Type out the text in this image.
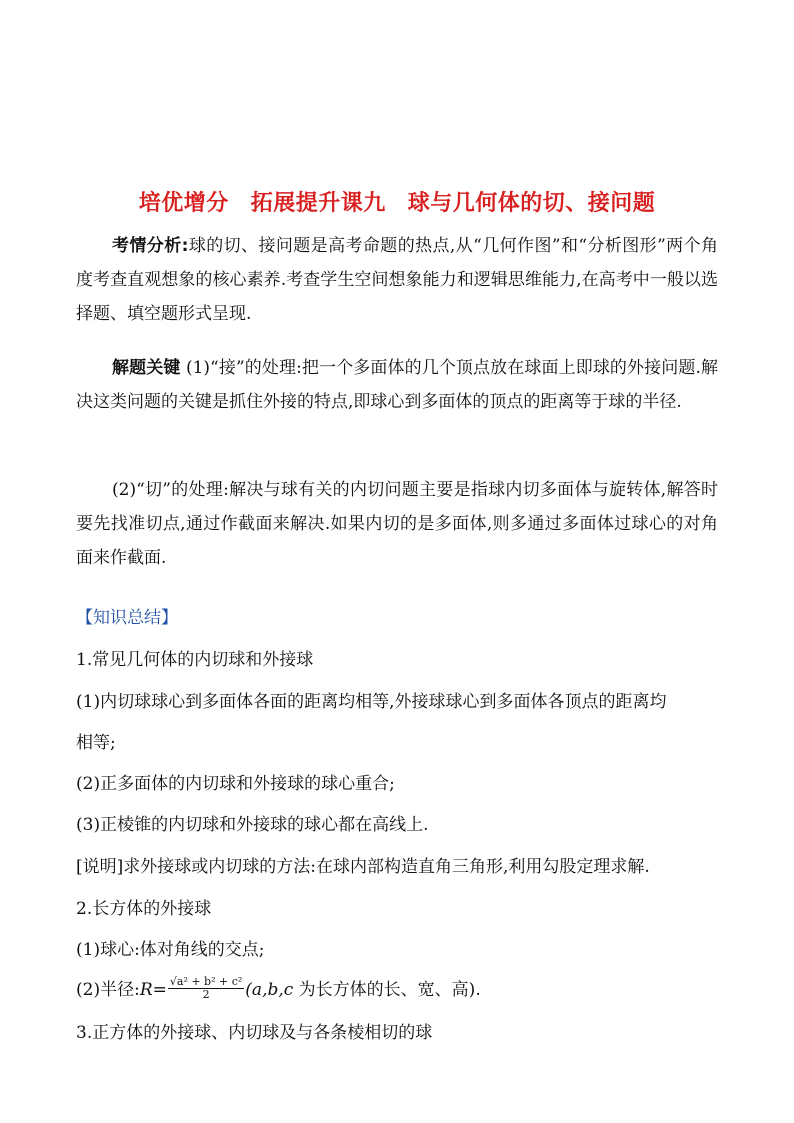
培优增分 拓展提升课九 球与几何体的切、接问题
考情分析:球的切、接问题是高考命题的热点,从“几何作图”和“分析图形”两个角度考查直观想象的核心素养.考查学生空间想象能力和逻辑思维能力,在高考中一般以选择题、填空题形式呈现.
解题关键 (1)“接”的处理:把一个多面体的几个顶点放在球面上即球的外接问题.解决这类问题的关键是抓住外接的特点,即球心到多面体的顶点的距离等于球的半径.
(2)“切”的处理:解决与球有关的内切问题主要是指球内切多面体与旋转体,解答时要先找准切点,通过作截面来解决.如果内切的是多面体,则多通过多面体过球心的对角面来作截面.
【知识总结】
1.常见几何体的内切球和外接球
(1)内切球球心到多面体各面的距离均相等,外接球球心到多面体各顶点的距离均
相等;
(2)正多面体的内切球和外接球的球心重合;
(3)正棱锥的内切球和外接球的球心都在高线上.
[说明]求外接球或内切球的方法:在球内部构造直角三角形,利用勾股定理求解.
2.长方体的外接球
(1)球心:体对角线的交点;
(2)半径:R= $\frac{\text{√a² + b² + c²}}{2} (a,b,c$ 为长方体的长、宽、高).
3.正方体的外接球、内切球及与各条棱相切的球
